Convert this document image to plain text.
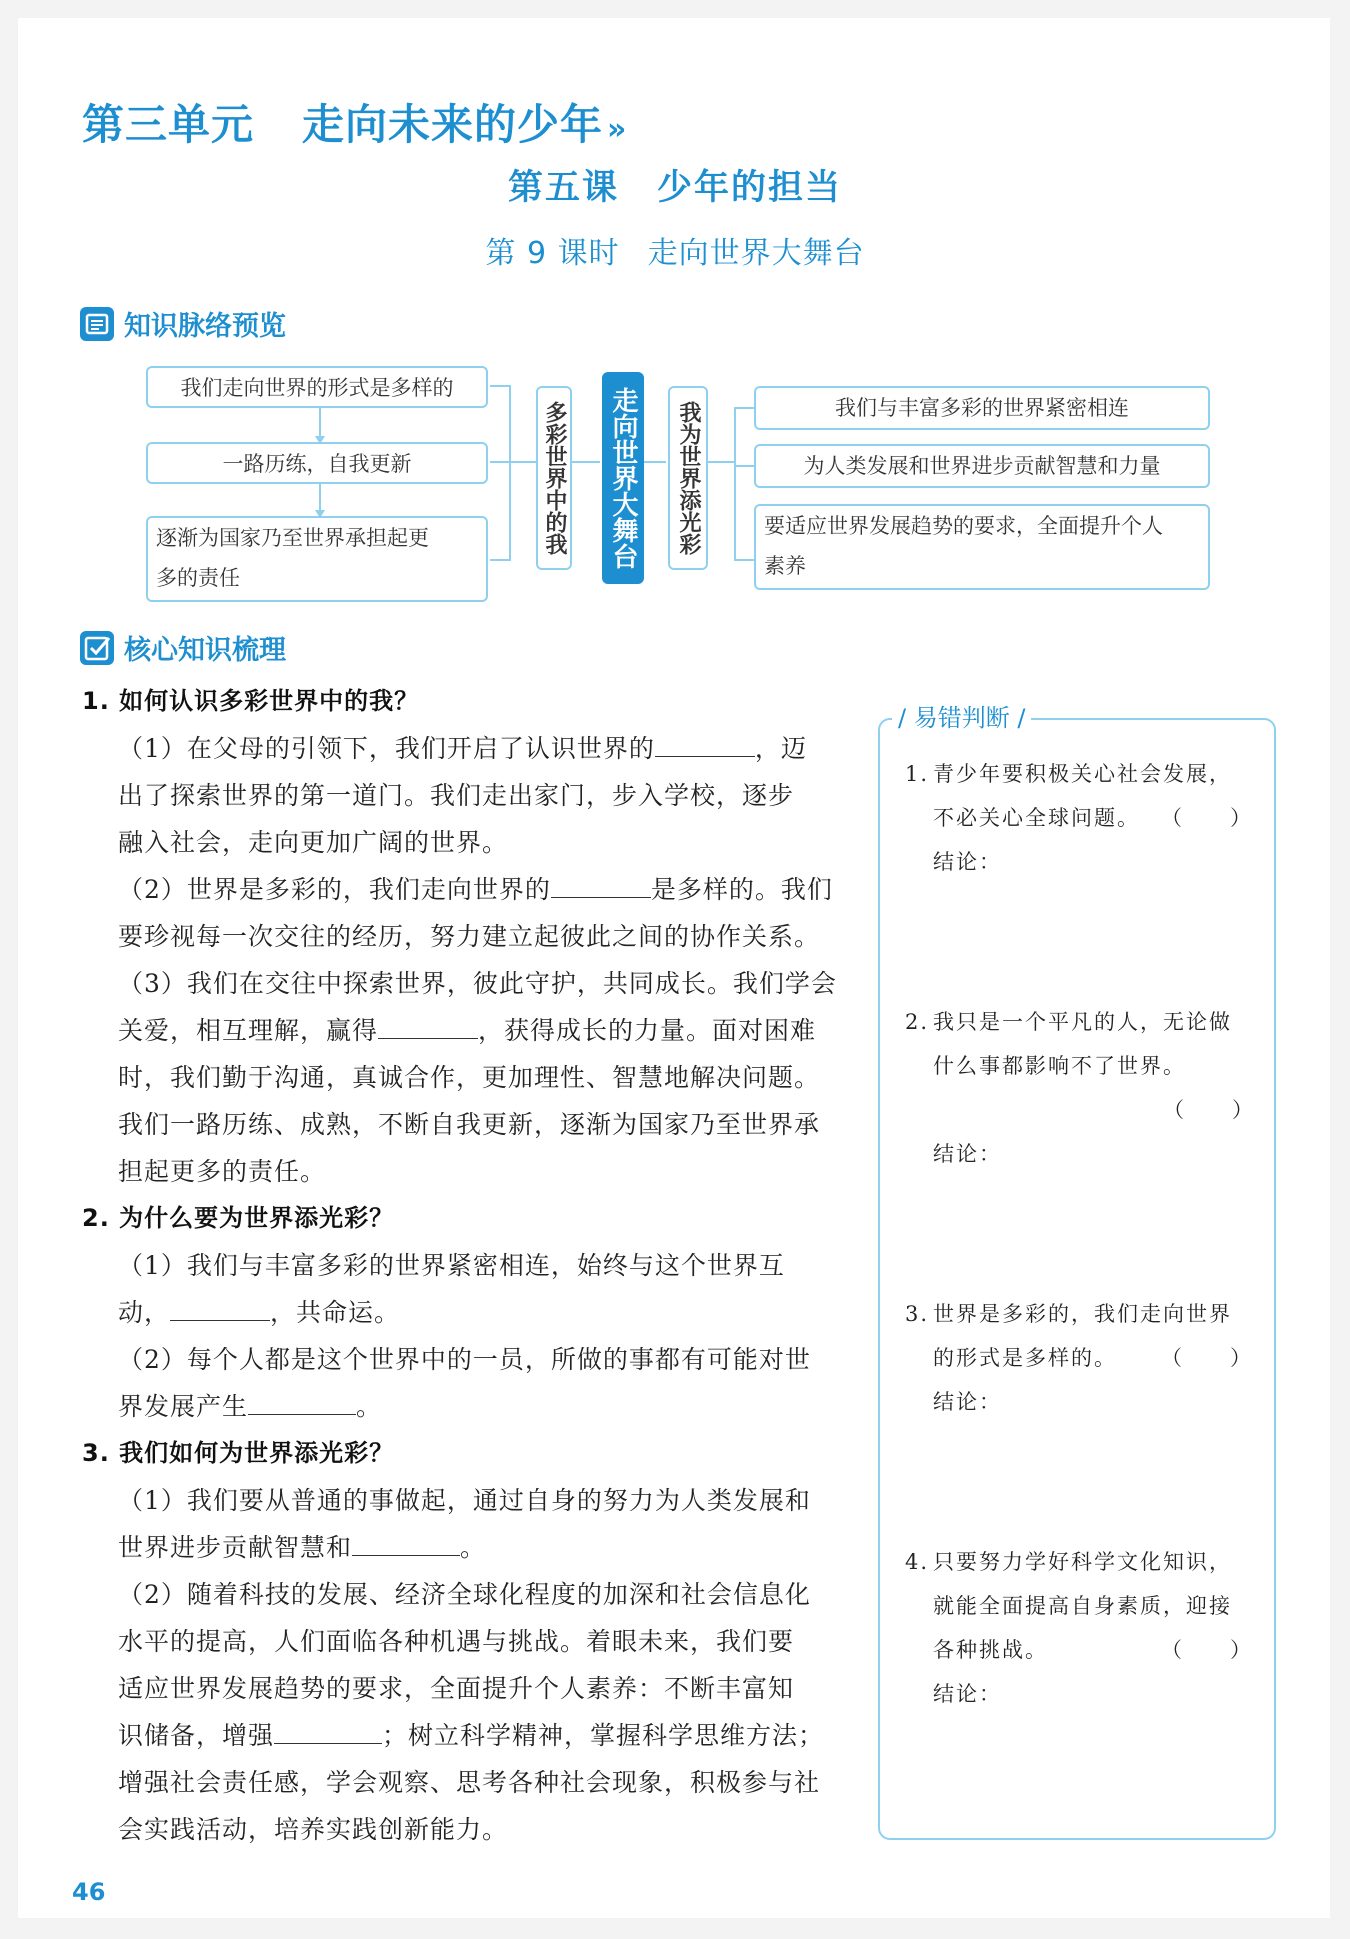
第三单元 走向未来的少年 »
第五课 少年的担当
第 9 课时 走向世界大舞台
知识脉络预览
我们走向世界的形式是多样的
一路历练，自我更新
逐渐为国家乃至世界承担起更
多的责任
多彩世界中的我 走向世界大舞台	我为世界添光彩	我们与丰富多彩的世界紧密相连
为人类发展和世界进步贡献智慧和力量
要适应世界发展趋势的要求，全面提升个人
素养
核心知识梳理
1. 如何认识多彩世界中的我？
（1）在父母的引领下，我们开启了认识世界的	，迈
出了探索世界的第一道门。我们走出家门，步入学校，逐步
融入社会，走向更加广阔的世界。
（2）世界是多彩的，我们走向世界的	是多样的。我们
要珍视每一次交往的经历，努力建立起彼此之间的协作关系。
（3）我们在交往中探索世界，彼此守护，共同成长。我们学会
关爱，相互理解，赢得	，获得成长的力量。面对困难
时，我们勤于沟通，真诚合作，更加理性、智慧地解决问题。
我们一路历练、成熟，不断自我更新，逐渐为国家乃至世界承
担起更多的责任。
2. 为什么要为世界添光彩？
（1）我们与丰富多彩的世界紧密相连，始终与这个世界互
动，	，共命运。
（2）每个人都是这个世界中的一员，所做的事都有可能对世
界发展产生	。
3. 我们如何为世界添光彩？
（1）我们要从普通的事做起，通过自身的努力为人类发展和
世界进步贡献智慧和	。
（2）随着科技的发展、经济全球化程度的加深和社会信息化
水平的提高，人们面临各种机遇与挑战。着眼未来，我们要
适应世界发展趋势的要求，全面提升个人素养：不断丰富知
识储备，增强	；树立科学精神，掌握科学思维方法；
增强社会责任感，学会观察、思考各种社会现象，积极参与社
会实践活动，培养实践创新能力。
/ 易错判断 /
1. 青少年要积极关心社会发展，
不必关心全球问题。 （　　）
结论：
2. 我只是一个平凡的人，无论做
什么事都影响不了世界。
（　　）
结论：
3. 世界是多彩的，我们走向世界
的形式是多样的。 （　　）
结论：
4. 只要努力学好科学文化知识，
就能全面提高自身素质，迎接
各种挑战。	（　　）
结论：
46
